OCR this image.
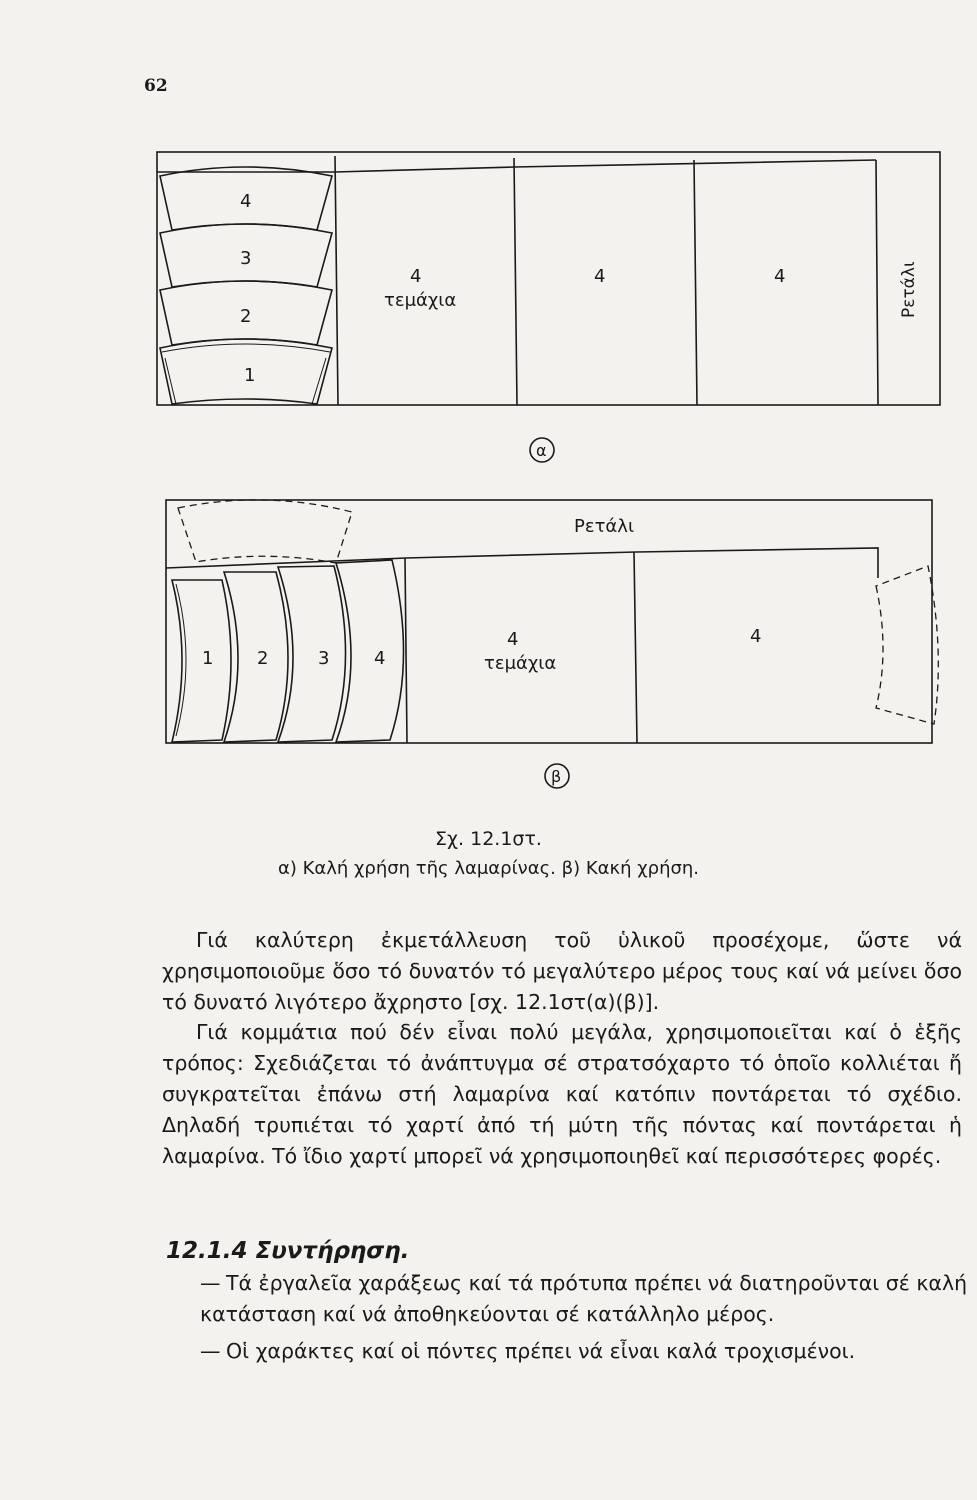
62
4
3
2
1
4
τεμάχια
4	4	Ρετάλι
α
Ρετάλι
1 2	3 4
4
τεμάχια
4
β
Σχ. 12.1στ.
α) Καλή χρήση τῆς λαμαρίνας. β) Κακή χρήση.

Γιά καλύτερη ἐκμετάλλευση τοῦ ὑλικοῦ προσέχομε, ὥστε νά χρησιμοποιοῦμε ὅσο τό δυνατόν τό μεγαλύτερο μέρος τους καί νά μείνει ὅσο τό δυνατό λιγότερο ἄχρηστο [σχ. 12.1στ(α)(β)].

Γιά κομμάτια πού δέν εἶναι πολύ μεγάλα, χρησιμοποιεῖται καί ὁ ἑξῆς τρόπος: Σχεδιάζεται τό ἀνάπτυγμα σέ στρατσόχαρτο τό ὁποῖο κολλιέται ἤ συγκρατεῖται ἐπάνω στή λαμαρίνα καί κατόπιν ποντάρεται τό σχέδιο. Δηλαδή τρυπιέται τό χαρτί ἀπό τή μύτη τῆς πόντας καί ποντάρεται ἡ λαμαρίνα. Τό ἴδιο χαρτί μπορεῖ νά χρησιμοποιηθεῖ καί περισσότερες φορές.

12.1.4 Συντήρηση.

— Τά ἐργαλεῖα χαράξεως καί τά πρότυπα πρέπει νά διατηροῦνται σέ καλή κατάσταση καί νά ἀποθηκεύονται σέ κατάλληλο μέρος.

— Οἱ χαράκτες καί οἱ πόντες πρέπει νά εἶναι καλά τροχισμένοι.
